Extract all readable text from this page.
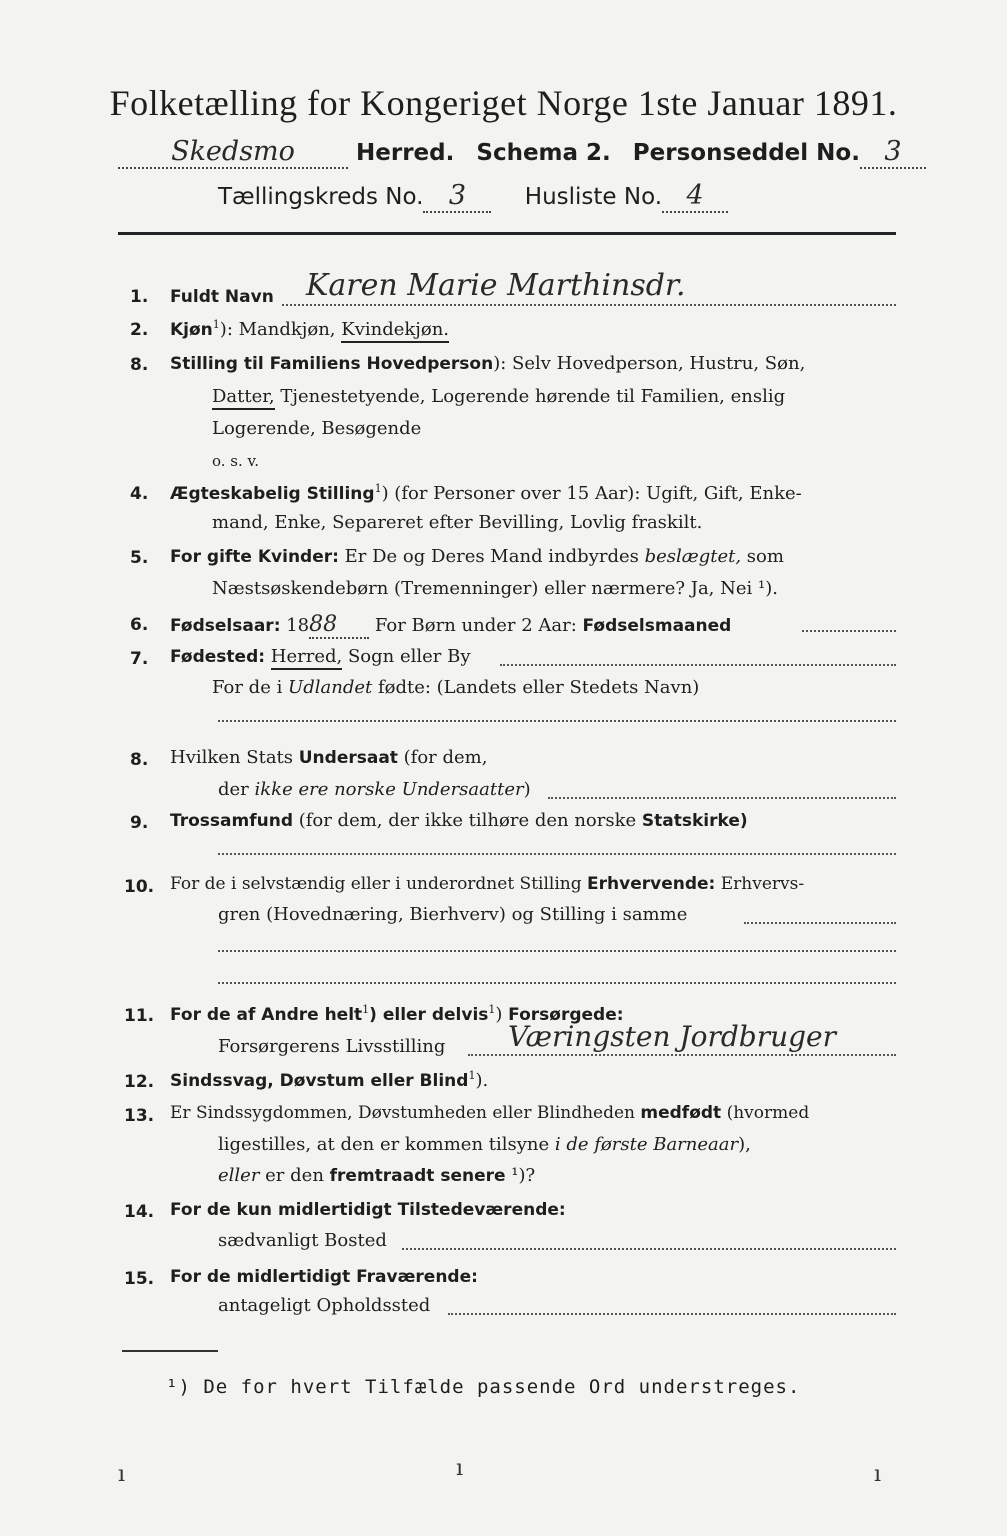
Folketælling for Kongeriget Norge 1ste Januar 1891.
Skedsmo	Herred. Schema 2. Personseddel No. 3
Tællingskreds No. 3	Husliste No. 4
1. Fuldt Navn Karen Marie Marthinsdr.
2. Kjøn$^1$): Mandkjøn, Kvindekjøn.
8. Stilling til Familiens Hovedperson): Selv Hovedperson, Hustru, Søn,
Datter, Tjenestetyende, Logerende hørende til Familien, enslig
Logerende, Besøgende
o. s. v.
4. Ægteskabelig Stilling$^1$) (for Personer over 15 Aar): Ugift, Gift, Enke-
mand, Enke, Separeret efter Bevilling, Lovlig fraskilt.
5. For gifte Kvinder: Er De og Deres Mand indbyrdes beslægtet, som
Næstsøskendebørn (Tremenninger) eller nærmere? Ja, Nei ¹).
6. Fødselsaar: 1888 For Børn under 2 Aar: Fødselsmaaned
7. Fødested: Herred, Sogn eller By
For de i Udlandet fødte: (Landets eller Stedets Navn)
8. Hvilken Stats Undersaat (for dem,
der ikke ere norske Undersaatter)
9. Trossamfund (for dem, der ikke tilhøre den norske Statskirke)
10. For de i selvstændig eller i underordnet Stilling Erhvervende: Erhvervs-
gren (Hovednæring, Bierhverv) og Stilling i samme
11. For de af Andre helt$^1$) eller delvis$^1$) Forsørgede:
Forsørgerens Livsstilling Væringsten Jordbruger
12. Sindssvag, Døvstum eller Blind$^1$).
13. Er Sindssygdommen, Døvstumheden eller Blindheden medfødt (hvormed
ligestilles, at den er kommen tilsyne i de første Barneaar),
eller er den fremtraadt senere ¹)?
14. For de kun midlertidigt Tilstedeværende:
sædvanligt Bosted
15. For de midlertidigt Fraværende:
antageligt Opholdssted
¹) De for hvert Tilfælde passende Ord understreges.
ı	ı	ı
